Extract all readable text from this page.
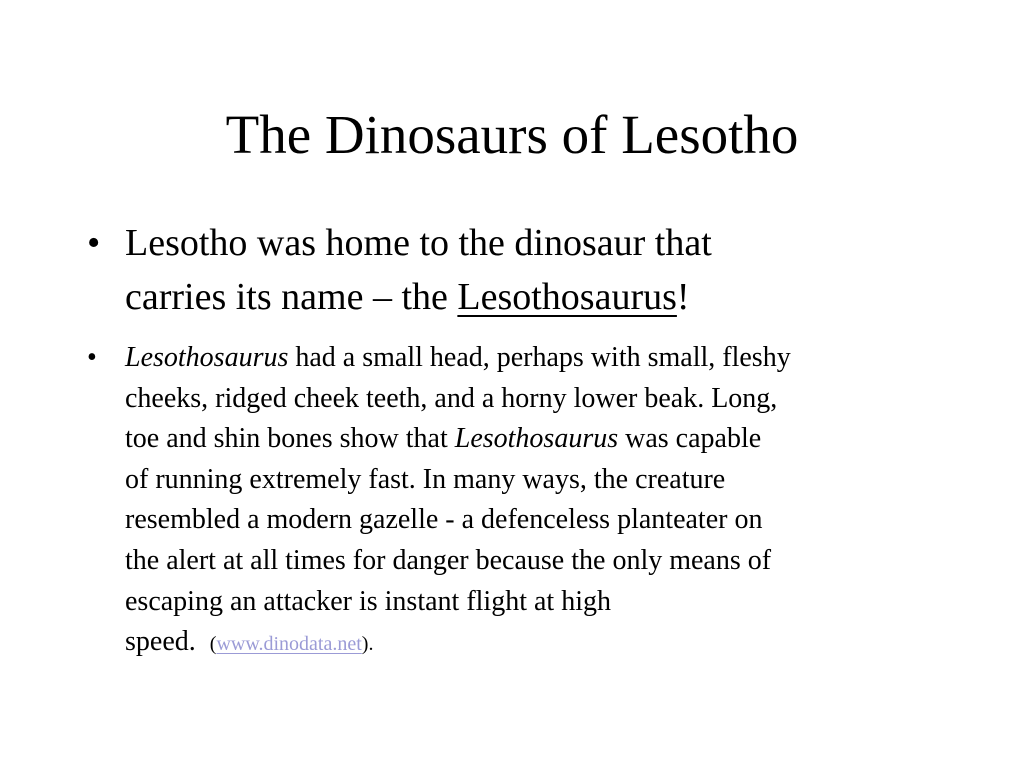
The Dinosaurs of Lesotho
• Lesotho was home to the dinosaur that
carries its name – the Lesothosaurus!
• Lesothosaurus had a small head, perhaps with small, fleshy
cheeks, ridged cheek teeth, and a horny lower beak. Long,
toe and shin bones show that Lesothosaurus was capable
of running extremely fast. In many ways, the creature
resembled a modern gazelle - a defenceless planteater on
the alert at all times for danger because the only means of
escaping an attacker is instant flight at high
speed. (www.dinodata.net).
